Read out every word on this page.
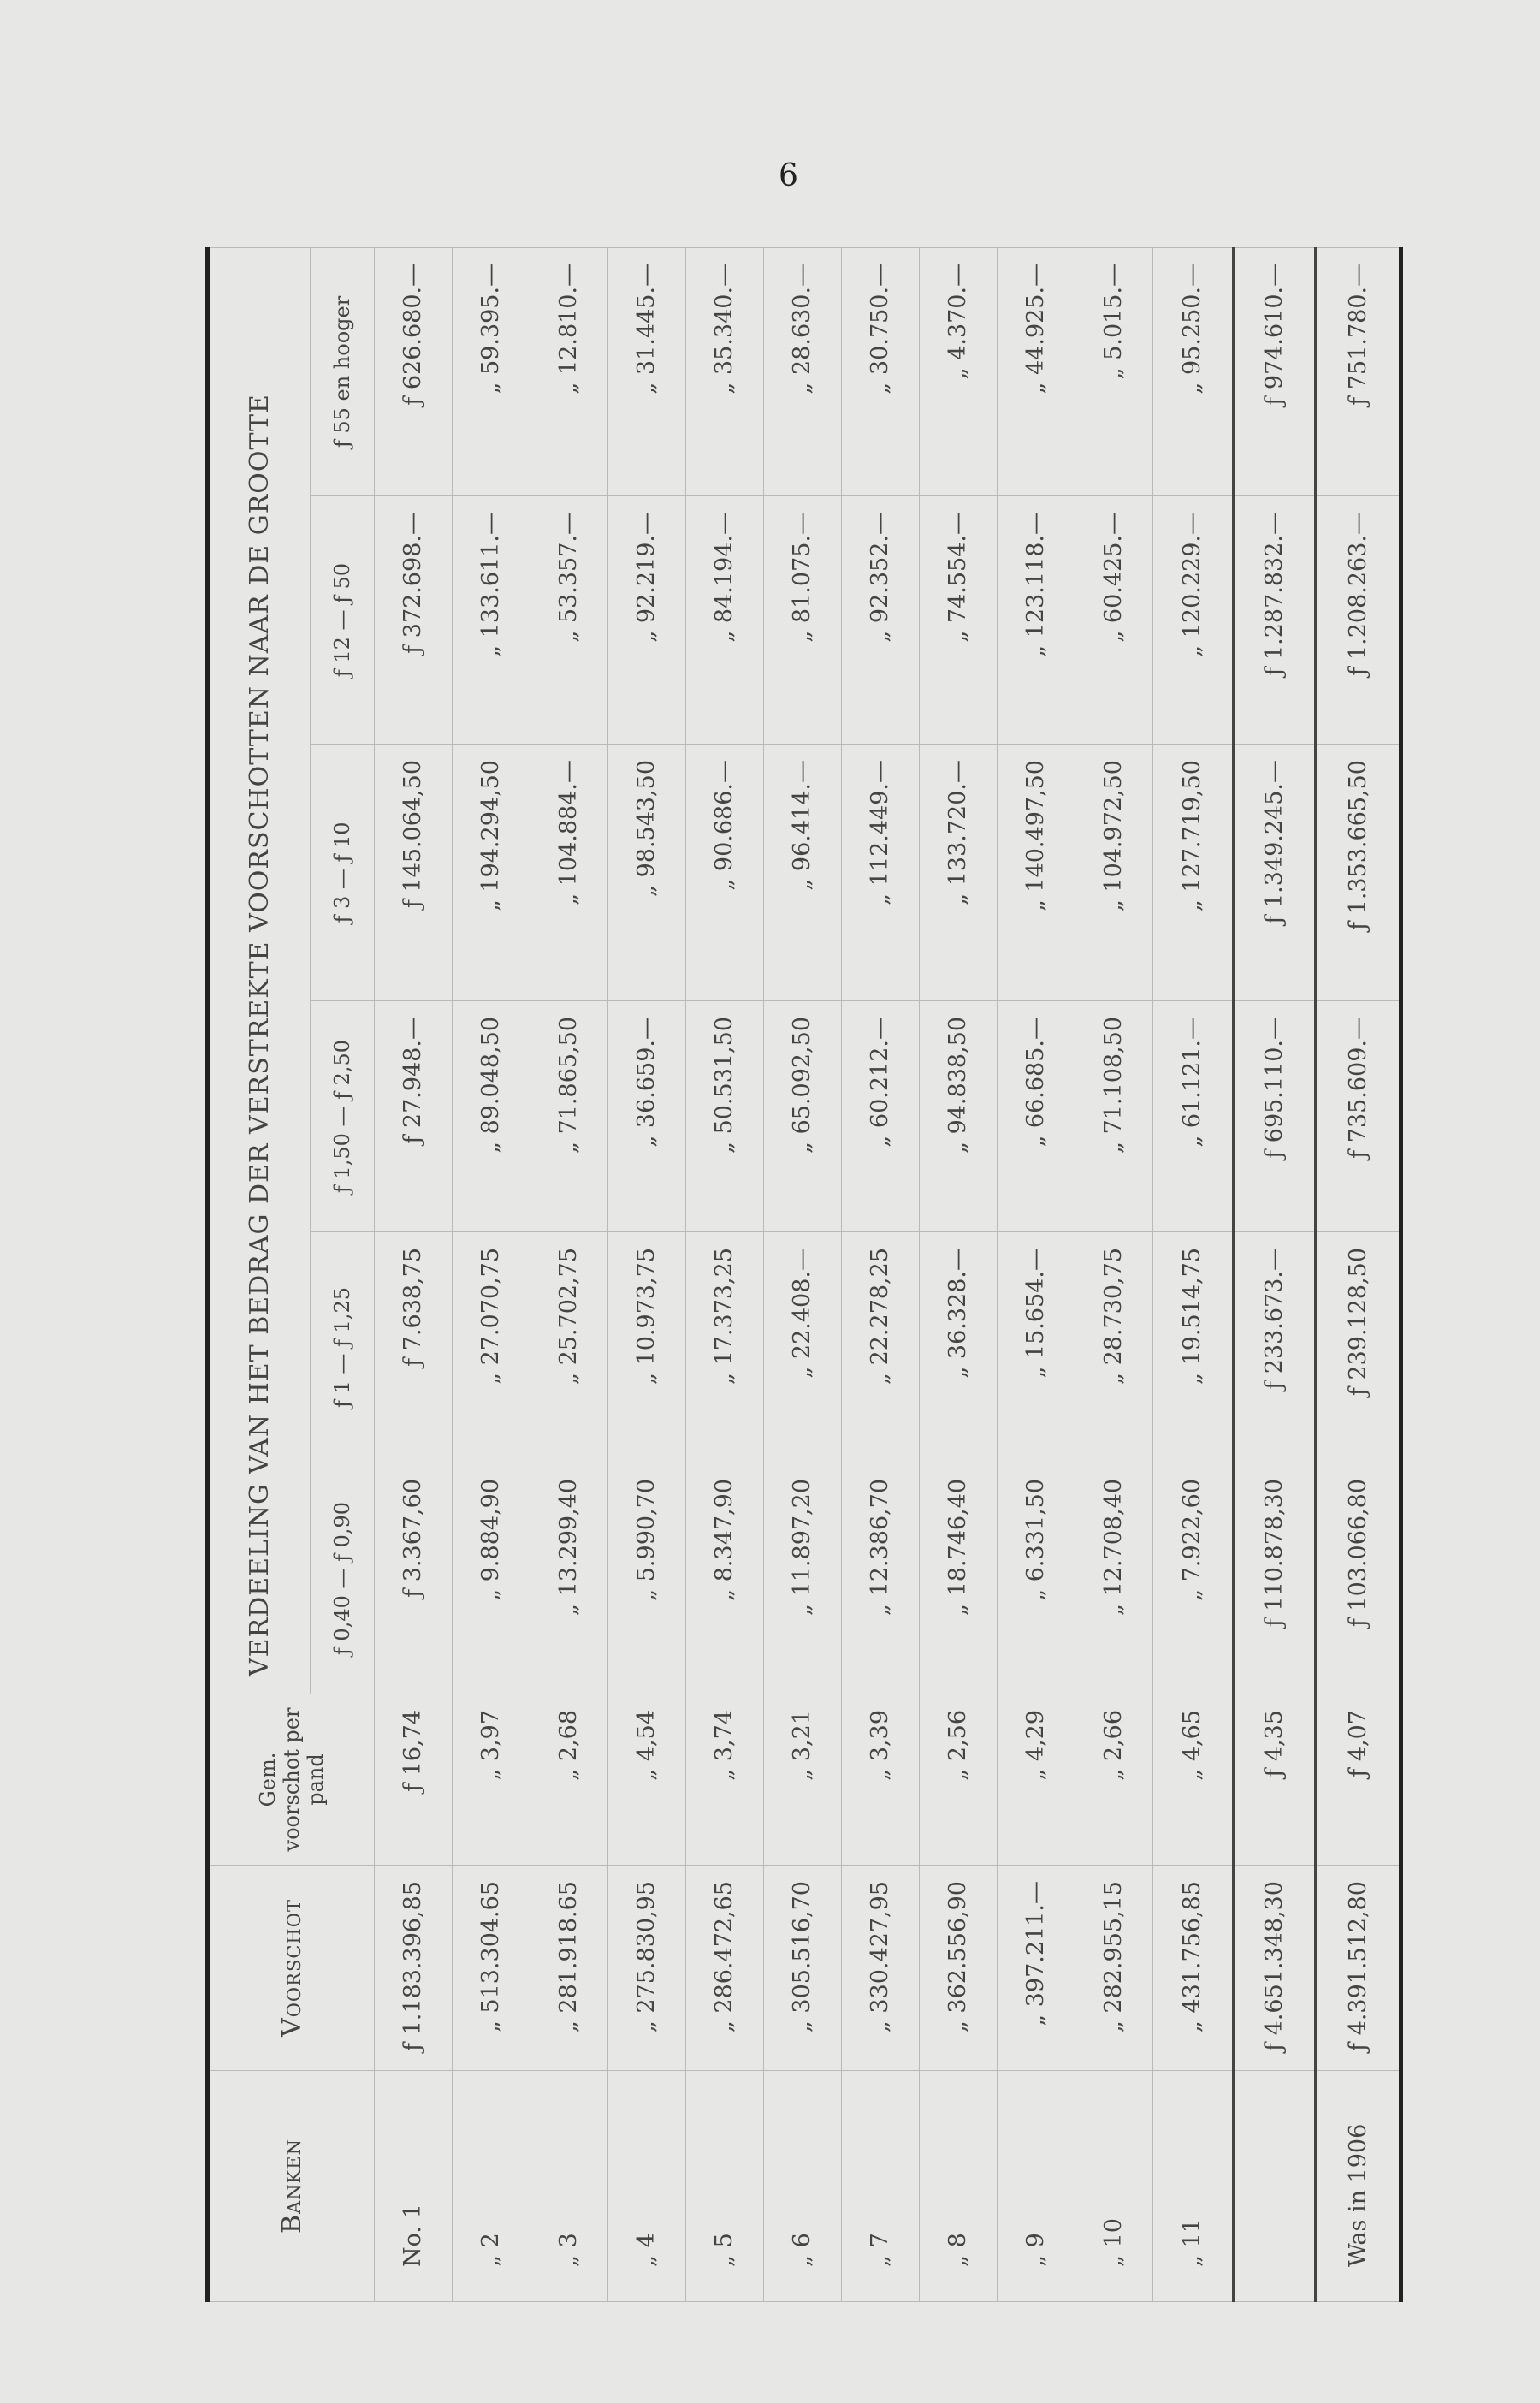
6
Banken	Voorschot	Gem. voorschot per pand	VERDEELING VAN HET BEDRAG DER VERSTREKTE VOORSCHOTTEN NAAR DE GROOTTE					
			ƒ 0,40 — ƒ 0,90	ƒ 1 — ƒ 1,25	ƒ 1,50 — ƒ 2,50	ƒ 3 — ƒ 10	ƒ 12 — ƒ 50	ƒ 55 en hooger
No. 1	ƒ 1.183.396,85	ƒ 16,74	ƒ 3.367,60	ƒ 7.638,75	ƒ 27.948.—	ƒ 145.064,50	ƒ 372.698.—	ƒ 626.680.—
„ 2	„ 513.304.65	„ 3,97	„ 9.884,90	„ 27.070,75	„ 89.048,50	„ 194.294,50	„ 133.611.—	„ 59.395.—
„ 3	„ 281.918.65	„ 2,68	„ 13.299,40	„ 25.702,75	„ 71.865,50	„ 104.884.—	„ 53.357.—	„ 12.810.—
„ 4	„ 275.830,95	„ 4,54	„ 5.990,70	„ 10.973,75	„ 36.659.—	„ 98.543,50	„ 92.219.—	„ 31.445.—
„ 5	„ 286.472,65	„ 3,74	„ 8.347,90	„ 17.373,25	„ 50.531,50	„ 90.686.—	„ 84.194.—	„ 35.340.—
„ 6	„ 305.516,70	„ 3,21	„ 11.897,20	„ 22.408.—	„ 65.092,50	„ 96.414.—	„ 81.075.—	„ 28.630.—
„ 7	„ 330.427,95	„ 3,39	„ 12.386,70	„ 22.278,25	„ 60.212.—	„ 112.449.—	„ 92.352.—	„ 30.750.—
„ 8	„ 362.556,90	„ 2,56	„ 18.746,40	„ 36.328.—	„ 94.838,50	„ 133.720.—	„ 74.554.—	„ 4.370.—
„ 9	„ 397.211.—	„ 4,29	„ 6.331,50	„ 15.654.—	„ 66.685.—	„ 140.497,50	„ 123.118.—	„ 44.925.—
„ 10	„ 282.955,15	„ 2,66	„ 12.708,40	„ 28.730,75	„ 71.108,50	„ 104.972,50	„ 60.425.—	„ 5.015.—
„ 11	„ 431.756,85	„ 4,65	„ 7.922,60	„ 19.514,75	„ 61.121.—	„ 127.719,50	„ 120.229.—	„ 95.250.—
	ƒ 4.651.348,30	ƒ 4,35	ƒ 110.878,30	ƒ 233.673.—	ƒ 695.110.—	ƒ 1.349.245.—	ƒ 1.287.832.—	ƒ 974.610.—
Was in 1906	ƒ 4.391.512,80	ƒ 4,07	ƒ 103.066,80	ƒ 239.128,50	ƒ 735.609.—	ƒ 1.353.665,50	ƒ 1.208.263.—	ƒ 751.780.—
